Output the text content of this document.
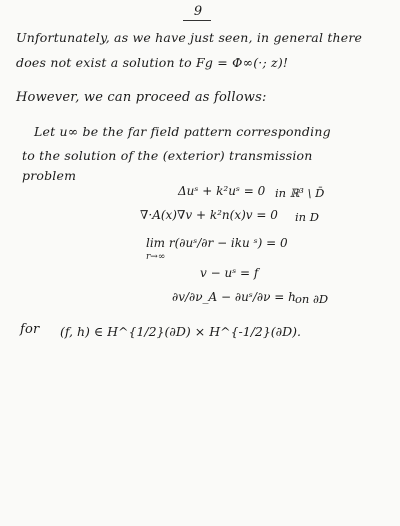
9
Unfortunately, as we have just seen, in general there
does not exist a solution to Fg = Φ∞(·; z)!
However, we can proceed as follows:
Let u∞ be the far field pattern corresponding
to the solution of the (exterior) transmission
problem
Δuˢ + k²uˢ = 0 in ℝ³ \ D̄
∇·A(x)∇v + k²n(x)v = 0 in D
lim r(∂uˢ/∂r − iku ˢ) = 0
r→∞
v − uˢ = f
∂v/∂ν_A − ∂uˢ/∂ν = h on ∂D
for (f, h) ∈ H^{1/2}(∂D) × H^{-1/2}(∂D).
